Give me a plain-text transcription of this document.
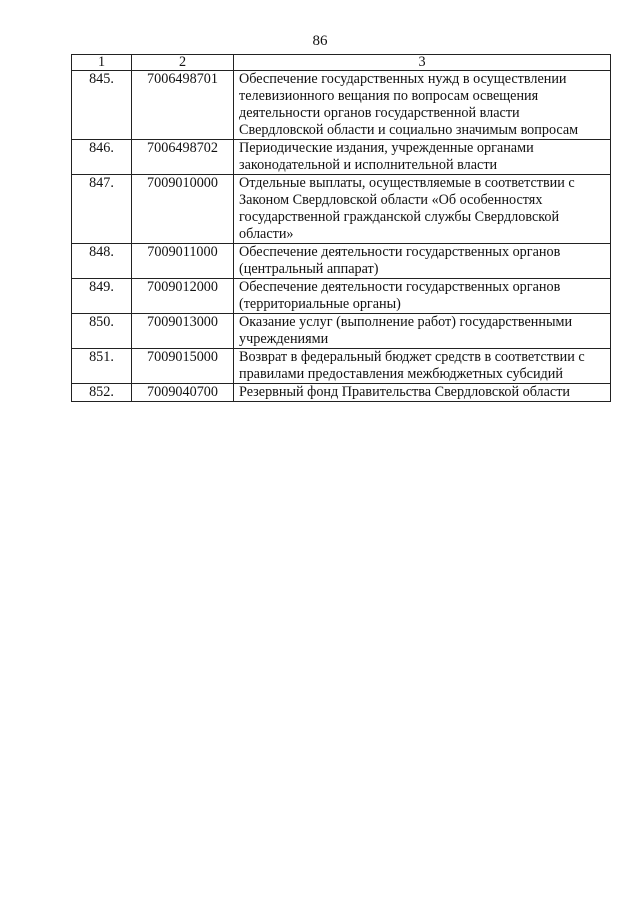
86
1	2	3
845.	7006498701	Обеспечение государственных нужд в осуществлении телевизионного вещания по вопросам освещения деятельности органов государственной власти Свердловской области и социально значимым вопросам
846.	7006498702	Периодические издания, учрежденные органами законодательной и исполнительной власти
847.	7009010000	Отдельные выплаты, осуществляемые в соответствии с Законом Свердловской области «Об особенностях государственной гражданской службы Свердловской области»
848.	7009011000	Обеспечение деятельности государственных органов (центральный аппарат)
849.	7009012000	Обеспечение деятельности государственных органов (территориальные органы)
850.	7009013000	Оказание услуг (выполнение работ) государственными учреждениями
851.	7009015000	Возврат в федеральный бюджет средств в соответствии с правилами предоставления межбюджетных субсидий
852.	7009040700	Резервный фонд Правительства Свердловской области
